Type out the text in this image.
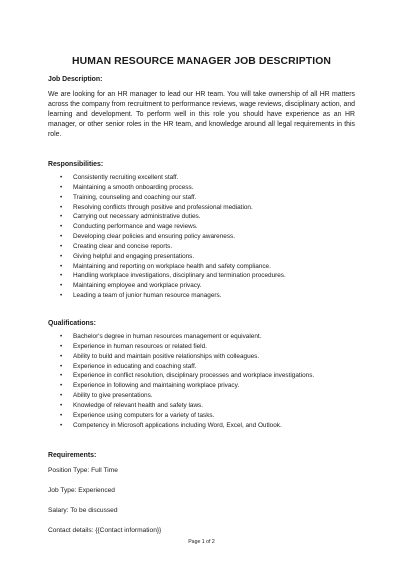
HUMAN RESOURCE MANAGER JOB DESCRIPTION

Job Description:

We are looking for an HR manager to lead our HR team. You will take ownership of all HR matters across the company from recruitment to performance reviews, wage reviews, disciplinary action, and learning and development. To perform well in this role you should have experience as an HR manager, or other senior roles in the HR team, and knowledge around all legal requirements in this role.

Responsibilities:

• Consistently recruiting excellent staff.
• Maintaining a smooth onboarding process.
• Training, counseling and coaching our staff.
• Resolving conflicts through positive and professional mediation.
• Carrying out necessary administrative duties.
• Conducting performance and wage reviews.
• Developing clear policies and ensuring policy awareness.
• Creating clear and concise reports.
• Giving helpful and engaging presentations.
• Maintaining and reporting on workplace health and safety compliance.
• Handling workplace investigations, disciplinary and termination procedures.
• Maintaining employee and workplace privacy.
• Leading a team of junior human resource managers.

Qualifications:

• Bachelor's degree in human resources management or equivalent.
• Experience in human resources or related field.
• Ability to build and maintain positive relationships with colleagues.
• Experience in educating and coaching staff.
• Experience in conflict resolution, disciplinary processes and workplace investigations.
• Experience in following and maintaining workplace privacy.
• Ability to give presentations.
• Knowledge of relevant health and safety laws.
• Experience using computers for a variety of tasks.
• Competency in Microsoft applications including Word, Excel, and Outlook.

Requirements:

Position Type: Full Time

Job Type: Experienced

Salary: To be discussed

Contact details: {{Contact information}}

Page 1 of 2
